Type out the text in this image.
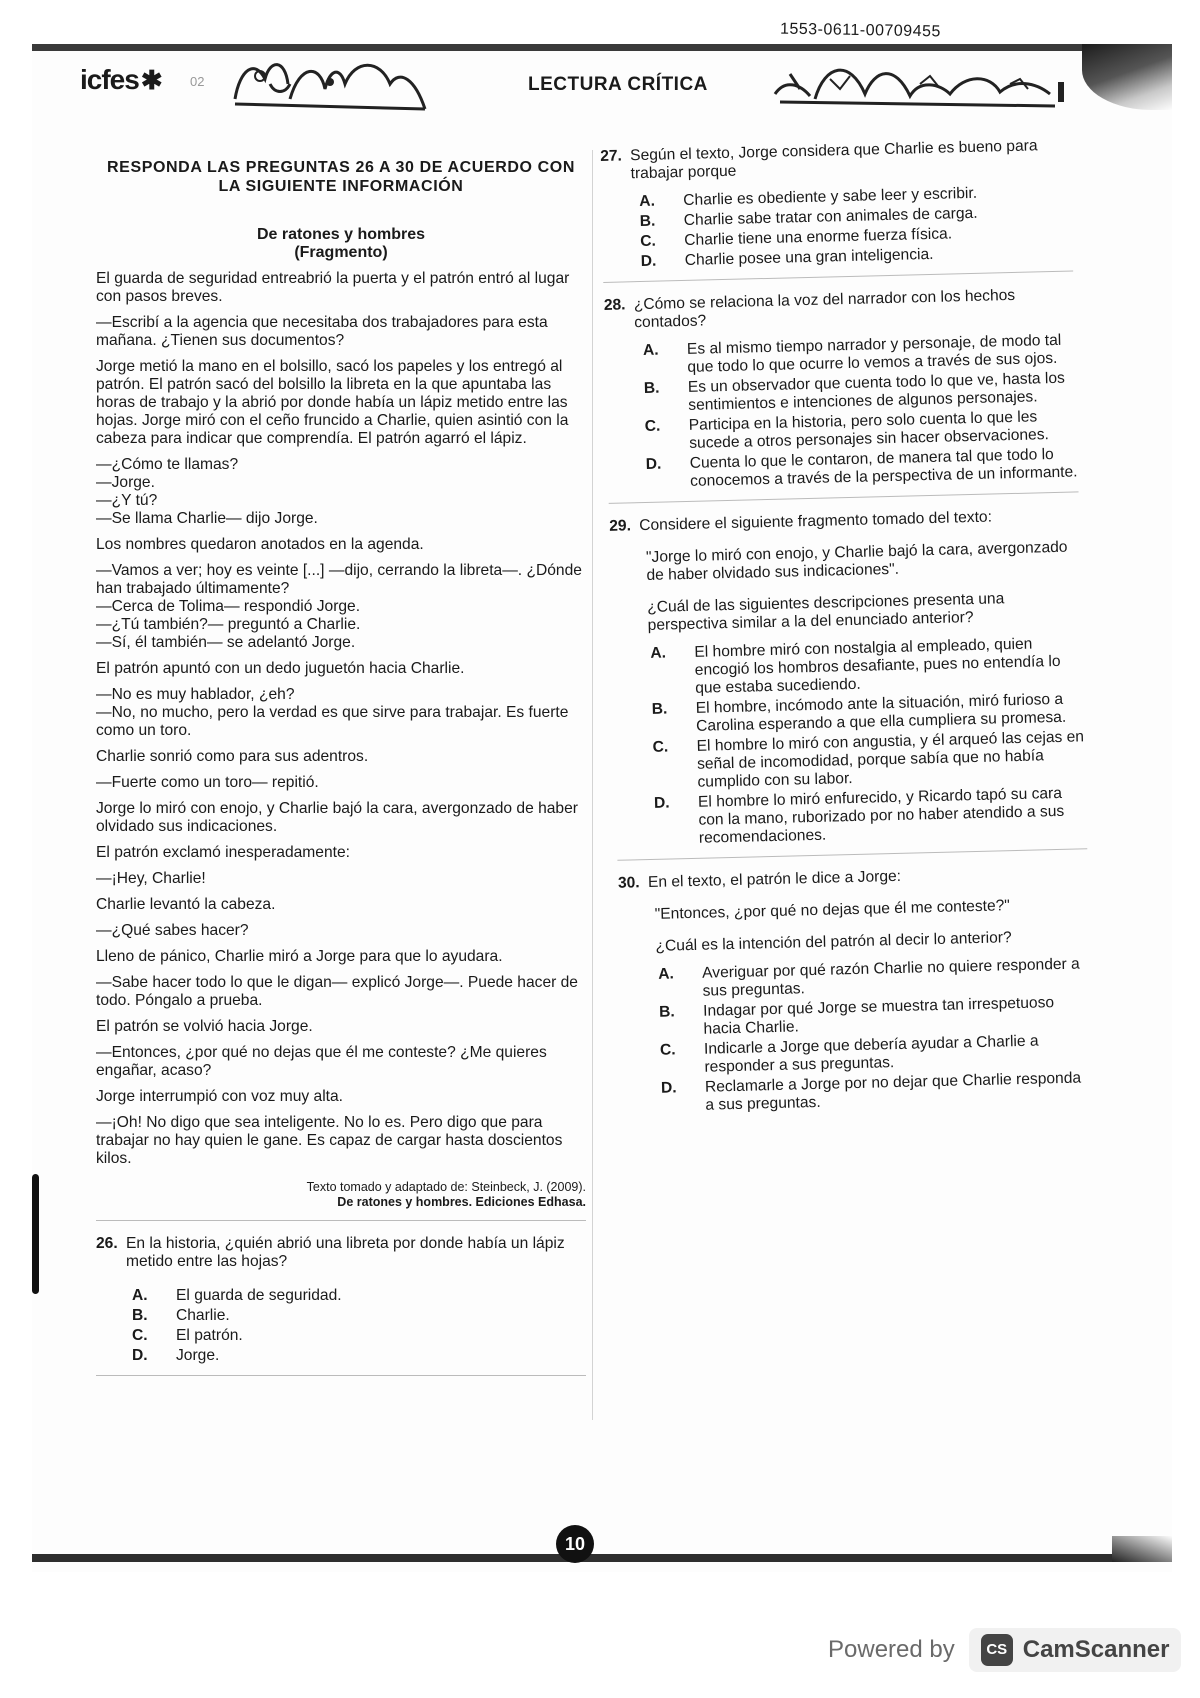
1553-0611-00709455
icfes✱ 02	LECTURA CRÍTICA
RESPONDA LAS PREGUNTAS 26 A 30 DE ACUERDO CON LA SIGUIENTE INFORMACIÓN
De ratones y hombres
(Fragmento)

El guarda de seguridad entreabrió la puerta y el patrón entró al lugar con pasos breves.

—Escribí a la agencia que necesitaba dos trabajadores para esta mañana. ¿Tienen sus documentos?

Jorge metió la mano en el bolsillo, sacó los papeles y los entregó al patrón. El patrón sacó del bolsillo la libreta en la que apuntaba las horas de trabajo y la abrió por donde había un lápiz metido entre las hojas. Jorge miró con el ceño fruncido a Charlie, quien asintió con la cabeza para indicar que comprendía. El patrón agarró el lápiz.

—¿Cómo te llamas?

—Jorge.

—¿Y tú?

—Se llama Charlie— dijo Jorge.

Los nombres quedaron anotados en la agenda.

—Vamos a ver; hoy es veinte [...] —dijo, cerrando la libreta—. ¿Dónde han trabajado últimamente?

—Cerca de Tolima— respondió Jorge.

—¿Tú también?— preguntó a Charlie.

—Sí, él también— se adelantó Jorge.

El patrón apuntó con un dedo juguetón hacia Charlie.

—No es muy hablador, ¿eh?

—No, no mucho, pero la verdad es que sirve para trabajar. Es fuerte como un toro.

Charlie sonrió como para sus adentros.

—Fuerte como un toro— repitió.

Jorge lo miró con enojo, y Charlie bajó la cara, avergonzado de haber olvidado sus indicaciones.

El patrón exclamó inesperadamente:

—¡Hey, Charlie!

Charlie levantó la cabeza.

—¿Qué sabes hacer?

Lleno de pánico, Charlie miró a Jorge para que lo ayudara.

—Sabe hacer todo lo que le digan— explicó Jorge—. Puede hacer de todo. Póngalo a prueba.

El patrón se volvió hacia Jorge.

—Entonces, ¿por qué no dejas que él me conteste? ¿Me quieres engañar, acaso?

Jorge interrumpió con voz muy alta.

—¡Oh! No digo que sea inteligente. No lo es. Pero digo que para trabajar no hay quien le gane. Es capaz de cargar hasta doscientos kilos.

Texto tomado y adaptado de: Steinbeck, J. (2009).
De ratones y hombres. Ediciones Edhasa.
26. En la historia, ¿quién abrió una libreta por donde había un lápiz metido entre las hojas?
A.	El guarda de seguridad.
B.	Charlie.
C.	El patrón.
D.	Jorge.
27. Según el texto, Jorge considera que Charlie es bueno para trabajar porque
A.	Charlie es obediente y sabe leer y escribir.
B.	Charlie sabe tratar con animales de carga.
C.	Charlie tiene una enorme fuerza física.
D.	Charlie posee una gran inteligencia.
28. ¿Cómo se relaciona la voz del narrador con los hechos contados?
A.	Es al mismo tiempo narrador y personaje, de modo tal que todo lo que ocurre lo vemos a través de sus ojos.
B.	Es un observador que cuenta todo lo que ve, hasta los sentimientos e intenciones de algunos personajes.
C.	Participa en la historia, pero solo cuenta lo que les sucede a otros personajes sin hacer observaciones.
D.	Cuenta lo que le contaron, de manera tal que todo lo conocemos a través de la perspectiva de un informante.
29. Considere el siguiente fragmento tomado del texto:
"Jorge lo miró con enojo, y Charlie bajó la cara, avergonzado de haber olvidado sus indicaciones".
¿Cuál de las siguientes descripciones presenta una perspectiva similar a la del enunciado anterior?
A.	El hombre miró con nostalgia al empleado, quien encogió los hombros desafiante, pues no entendía lo que estaba sucediendo.
B.	El hombre, incómodo ante la situación, miró furioso a Carolina esperando a que ella cumpliera su promesa.
C.	El hombre lo miró con angustia, y él arqueó las cejas en señal de incomodidad, porque sabía que no había cumplido con su labor.
D.	El hombre lo miró enfurecido, y Ricardo tapó su cara con la mano, ruborizado por no haber atendido a sus recomendaciones.
30. En el texto, el patrón le dice a Jorge:
"Entonces, ¿por qué no dejas que él me conteste?"
¿Cuál es la intención del patrón al decir lo anterior?
A.	Averiguar por qué razón Charlie no quiere responder a sus preguntas.
B.	Indagar por qué Jorge se muestra tan irrespetuoso hacia Charlie.
C.	Indicarle a Jorge que debería ayudar a Charlie a responder a sus preguntas.
D.	Reclamarle a Jorge por no dejar que Charlie responda a sus preguntas.
10
Powered by	CS CamScanner
